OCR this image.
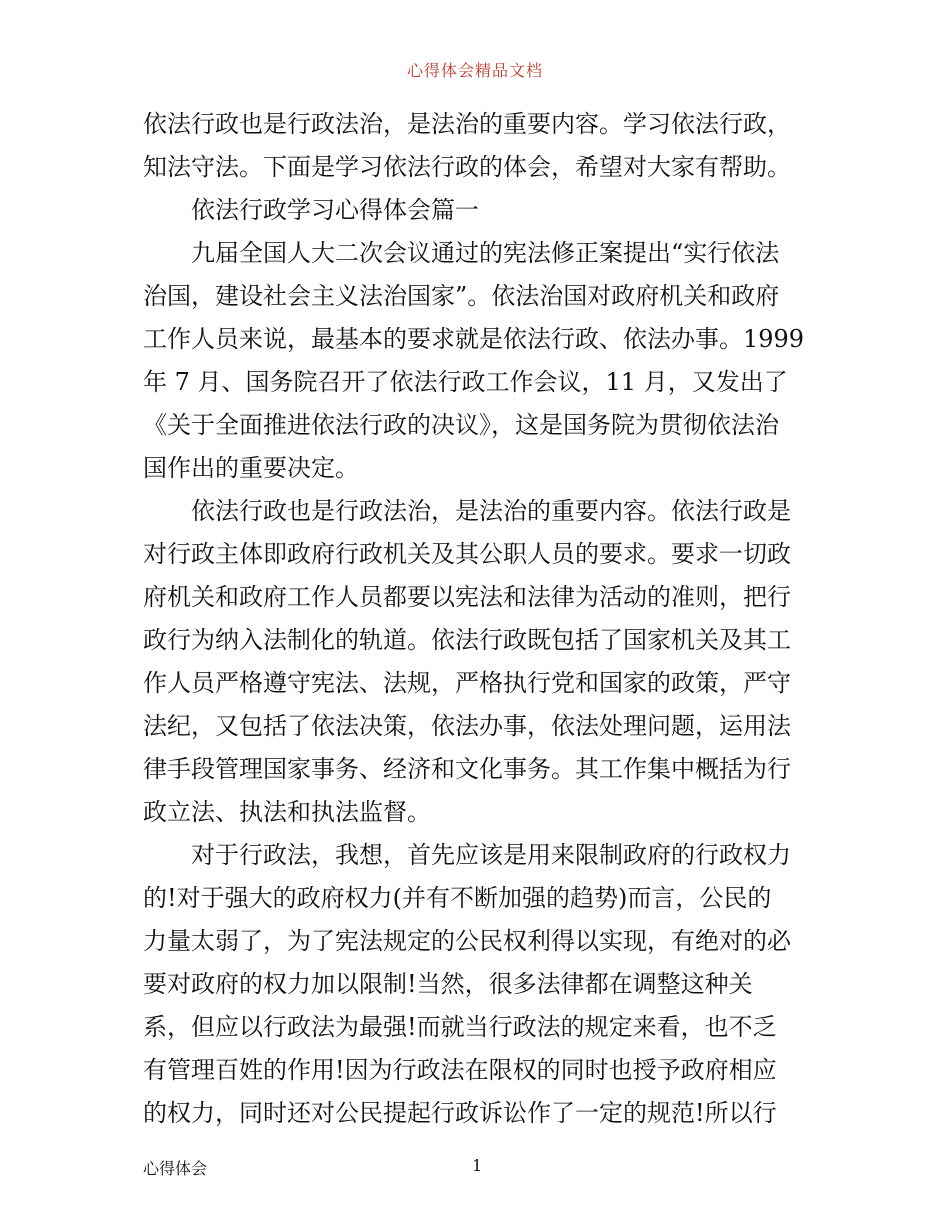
心得体会精品文档
依法行政也是行政法治，是法治的重要内容。学习依法行政，
知法守法。下面是学习依法行政的体会，希望对大家有帮助。
依法行政学习心得体会篇一
九届全国人大二次会议通过的宪法修正案提出“实行依法
治国，建设社会主义法治国家”。依法治国对政府机关和政府
工作人员来说，最基本的要求就是依法行政、依法办事。1999
年 7 月、国务院召开了依法行政工作会议，11 月，又发出了
《关于全面推进依法行政的决议》，这是国务院为贯彻依法治
国作出的重要决定。
依法行政也是行政法治，是法治的重要内容。依法行政是
对行政主体即政府行政机关及其公职人员的要求。要求一切政
府机关和政府工作人员都要以宪法和法律为活动的准则，把行
政行为纳入法制化的轨道。依法行政既包括了国家机关及其工
作人员严格遵守宪法、法规，严格执行党和国家的政策，严守
法纪，又包括了依法决策，依法办事，依法处理问题，运用法
律手段管理国家事务、经济和文化事务。其工作集中概括为行
政立法、执法和执法监督。
对于行政法，我想，首先应该是用来限制政府的行政权力
的!对于强大的政府权力(并有不断加强的趋势)而言，公民的
力量太弱了，为了宪法规定的公民权利得以实现，有绝对的必
要对政府的权力加以限制!当然，很多法律都在调整这种关
系，但应以行政法为最强!而就当行政法的规定来看，也不乏
有管理百姓的作用!因为行政法在限权的同时也授予政府相应
的权力，同时还对公民提起行政诉讼作了一定的规范!所以行
心得体会	1
